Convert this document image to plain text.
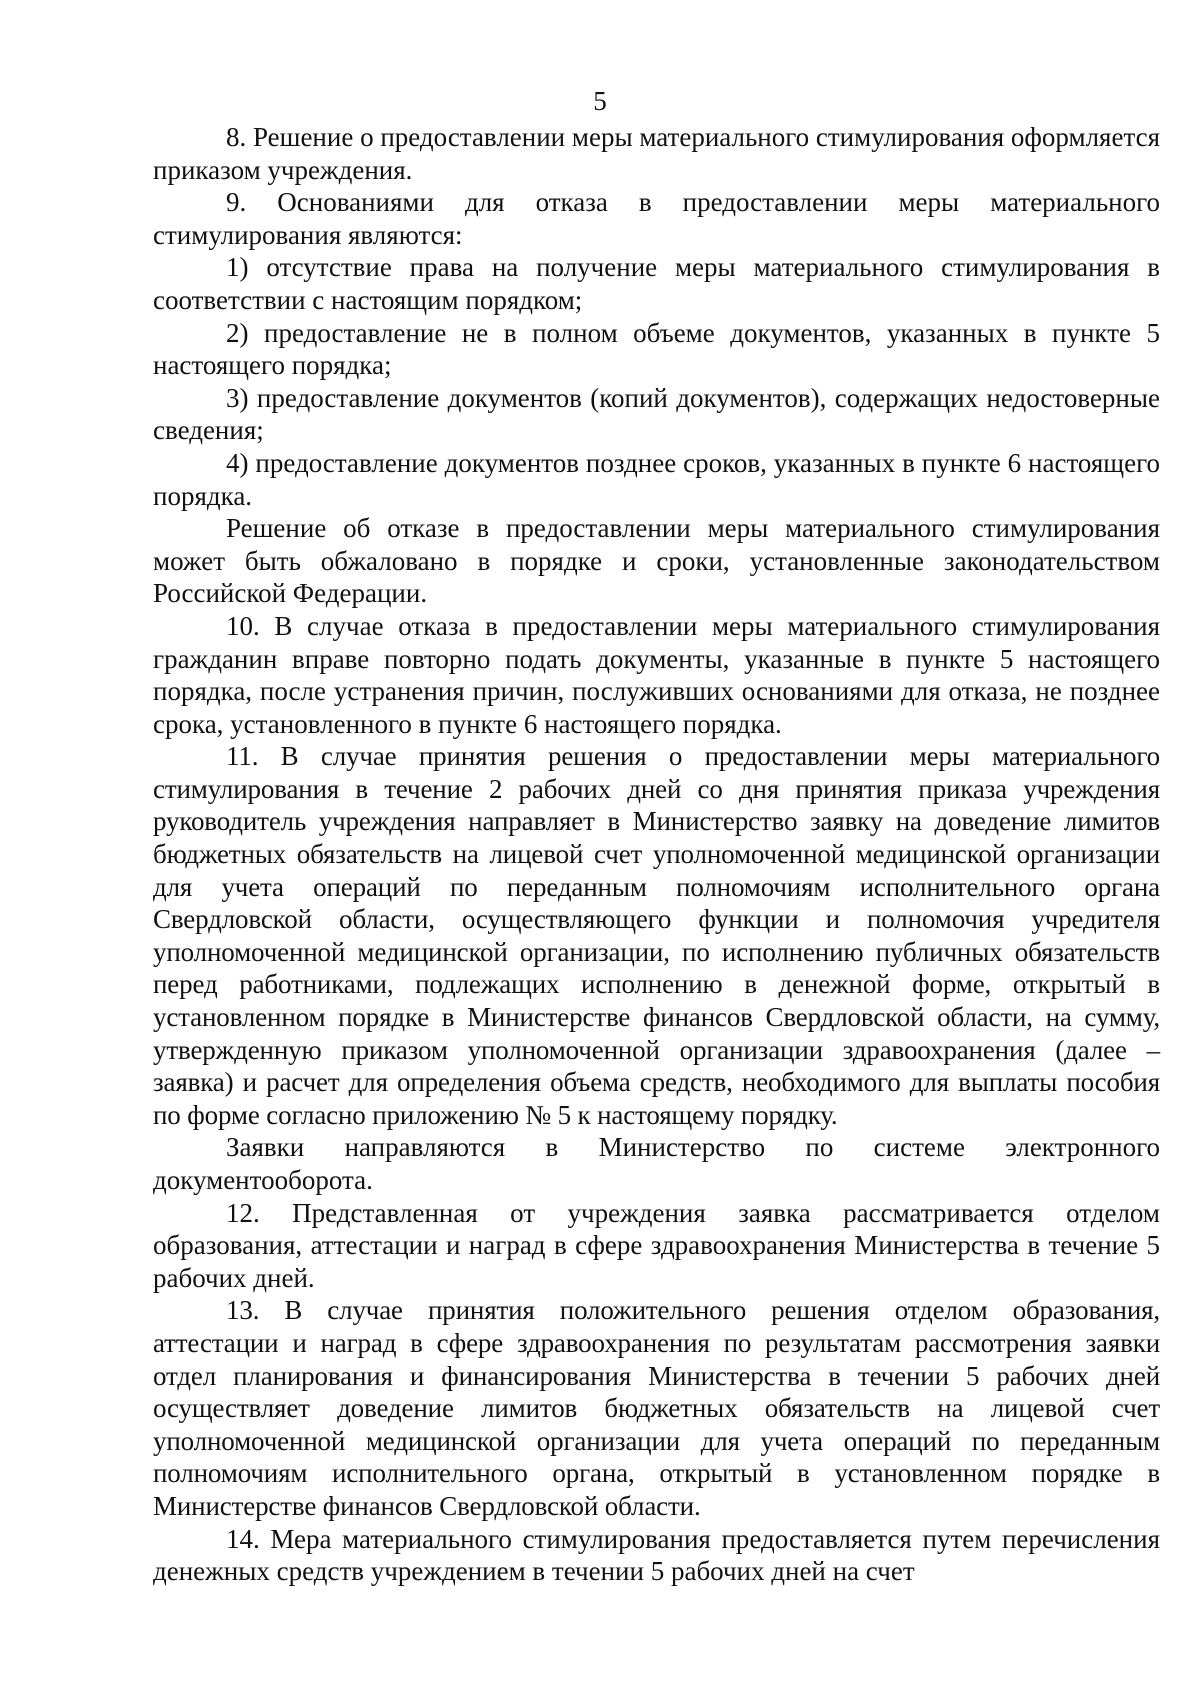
5

8. Решение о предоставлении меры материального стимулирования оформляется приказом учреждения.

9. Основаниями для отказа в предоставлении меры материального стимулирования являются:

1) отсутствие права на получение меры материального стимулирования в соответствии с настоящим порядком;

2) предоставление не в полном объеме документов, указанных в пункте 5 настоящего порядка;

3) предоставление документов (копий документов), содержащих недостоверные сведения;

4) предоставление документов позднее сроков, указанных в пункте 6 настоящего порядка.

Решение об отказе в предоставлении меры материального стимулирования может быть обжаловано в порядке и сроки, установленные законодательством Российской Федерации.

10. В случае отказа в предоставлении меры материального стимулирования гражданин вправе повторно подать документы, указанные в пункте 5 настоящего порядка, после устранения причин, послуживших основаниями для отказа, не позднее срока, установленного в пункте 6 настоящего порядка.

11. В случае принятия решения о предоставлении меры материального стимулирования в течение 2 рабочих дней со дня принятия приказа учреждения руководитель учреждения направляет в Министерство заявку на доведение лимитов бюджетных обязательств на лицевой счет уполномоченной медицинской организации для учета операций по переданным полномочиям исполнительного органа Свердловской области, осуществляющего функции и полномочия учредителя уполномоченной медицинской организации, по исполнению публичных обязательств перед работниками, подлежащих исполнению в денежной форме, открытый в установленном порядке в Министерстве финансов Свердловской области, на сумму, утвержденную приказом уполномоченной организации здравоохранения (далее – заявка) и расчет для определения объема средств, необходимого для выплаты пособия по форме согласно приложению № 5 к настоящему порядку.

Заявки направляются в Министерство по системе электронного документооборота.

12. Представленная от учреждения заявка рассматривается отделом образования, аттестации и наград в сфере здравоохранения Министерства в течение 5 рабочих дней.

13. В случае принятия положительного решения отделом образования, аттестации и наград в сфере здравоохранения по результатам рассмотрения заявки отдел планирования и финансирования Министерства в течении 5 рабочих дней осуществляет доведение лимитов бюджетных обязательств на лицевой счет уполномоченной медицинской организации для учета операций по переданным полномочиям исполнительного органа, открытый в установленном порядке в Министерстве финансов Свердловской области.

14. Мера материального стимулирования предоставляется путем перечисления денежных средств учреждением в течении 5 рабочих дней на счет
